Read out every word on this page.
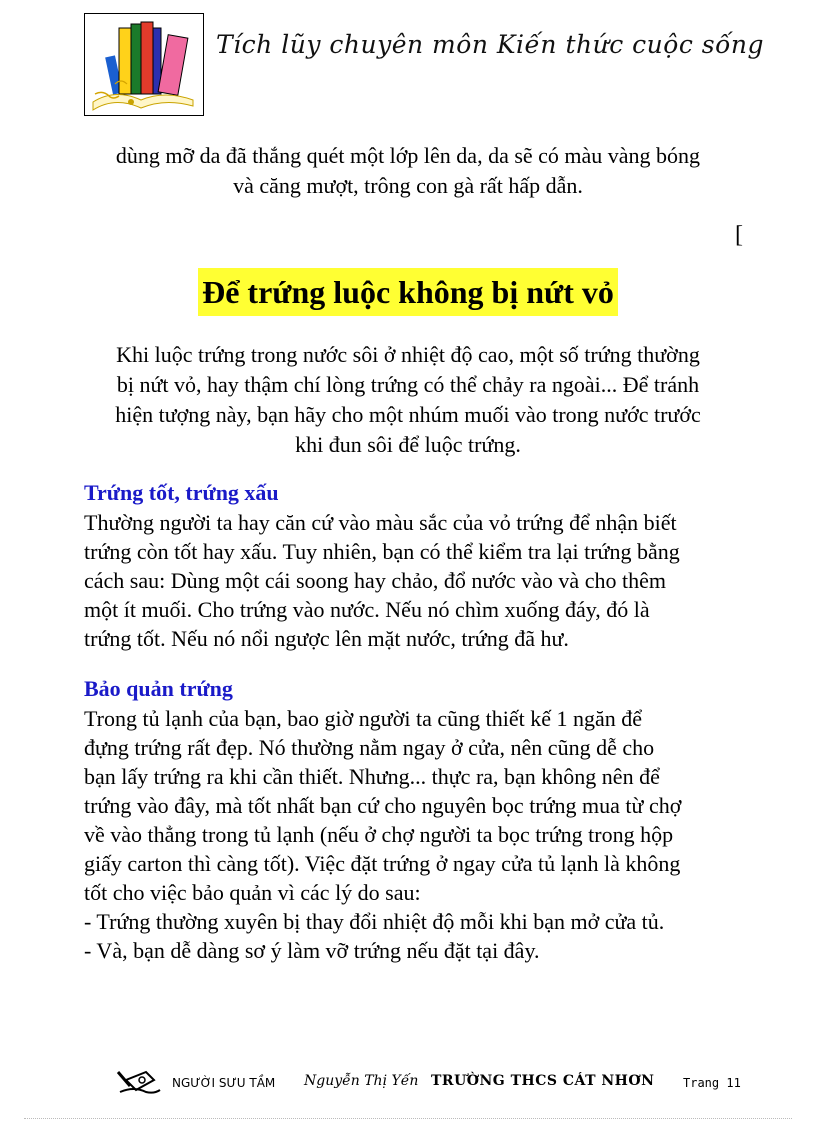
Tích lũy chuyên môn Kiến thức cuộc sống
dùng mỡ da đã thắng quét một lớp lên da, da sẽ có màu vàng bóng
và căng mượt, trông con gà rất hấp dẫn.
[
Để trứng luộc không bị nứt vỏ
Khi luộc trứng trong nước sôi ở nhiệt độ cao, một số trứng thường
bị nứt vỏ, hay thậm chí lòng trứng có thể chảy ra ngoài... Để tránh
hiện tượng này, bạn hãy cho một nhúm muối vào trong nước trước
khi đun sôi để luộc trứng.
Trứng tốt, trứng xấu
Thường người ta hay căn cứ vào màu sắc của vỏ trứng để nhận biết
trứng còn tốt hay xấu. Tuy nhiên, bạn có thể kiểm tra lại trứng bằng
cách sau: Dùng một cái soong hay chảo, đổ nước vào và cho thêm
một ít muối. Cho trứng vào nước. Nếu nó chìm xuống đáy, đó là
trứng tốt. Nếu nó nổi ngược lên mặt nước, trứng đã hư.
Bảo quản trứng
Trong tủ lạnh của bạn, bao giờ người ta cũng thiết kế 1 ngăn để
đựng trứng rất đẹp. Nó thường nằm ngay ở cửa, nên cũng dễ cho
bạn lấy trứng ra khi cần thiết. Nhưng... thực ra, bạn không nên để
trứng vào đây, mà tốt nhất bạn cứ cho nguyên bọc trứng mua từ chợ
về vào thẳng trong tủ lạnh (nếu ở chợ người ta bọc trứng trong hộp
giấy carton thì càng tốt). Việc đặt trứng ở ngay cửa tủ lạnh là không
tốt cho việc bảo quản vì các lý do sau:
- Trứng thường xuyên bị thay đổi nhiệt độ mỗi khi bạn mở cửa tủ.
- Và, bạn dễ dàng sơ ý làm vỡ trứng nếu đặt tại đây.
NGƯỜI SƯU TẦM Nguyễn Thị Yến TRƯỜNG THCS CÁT NHƠN Trang 11
